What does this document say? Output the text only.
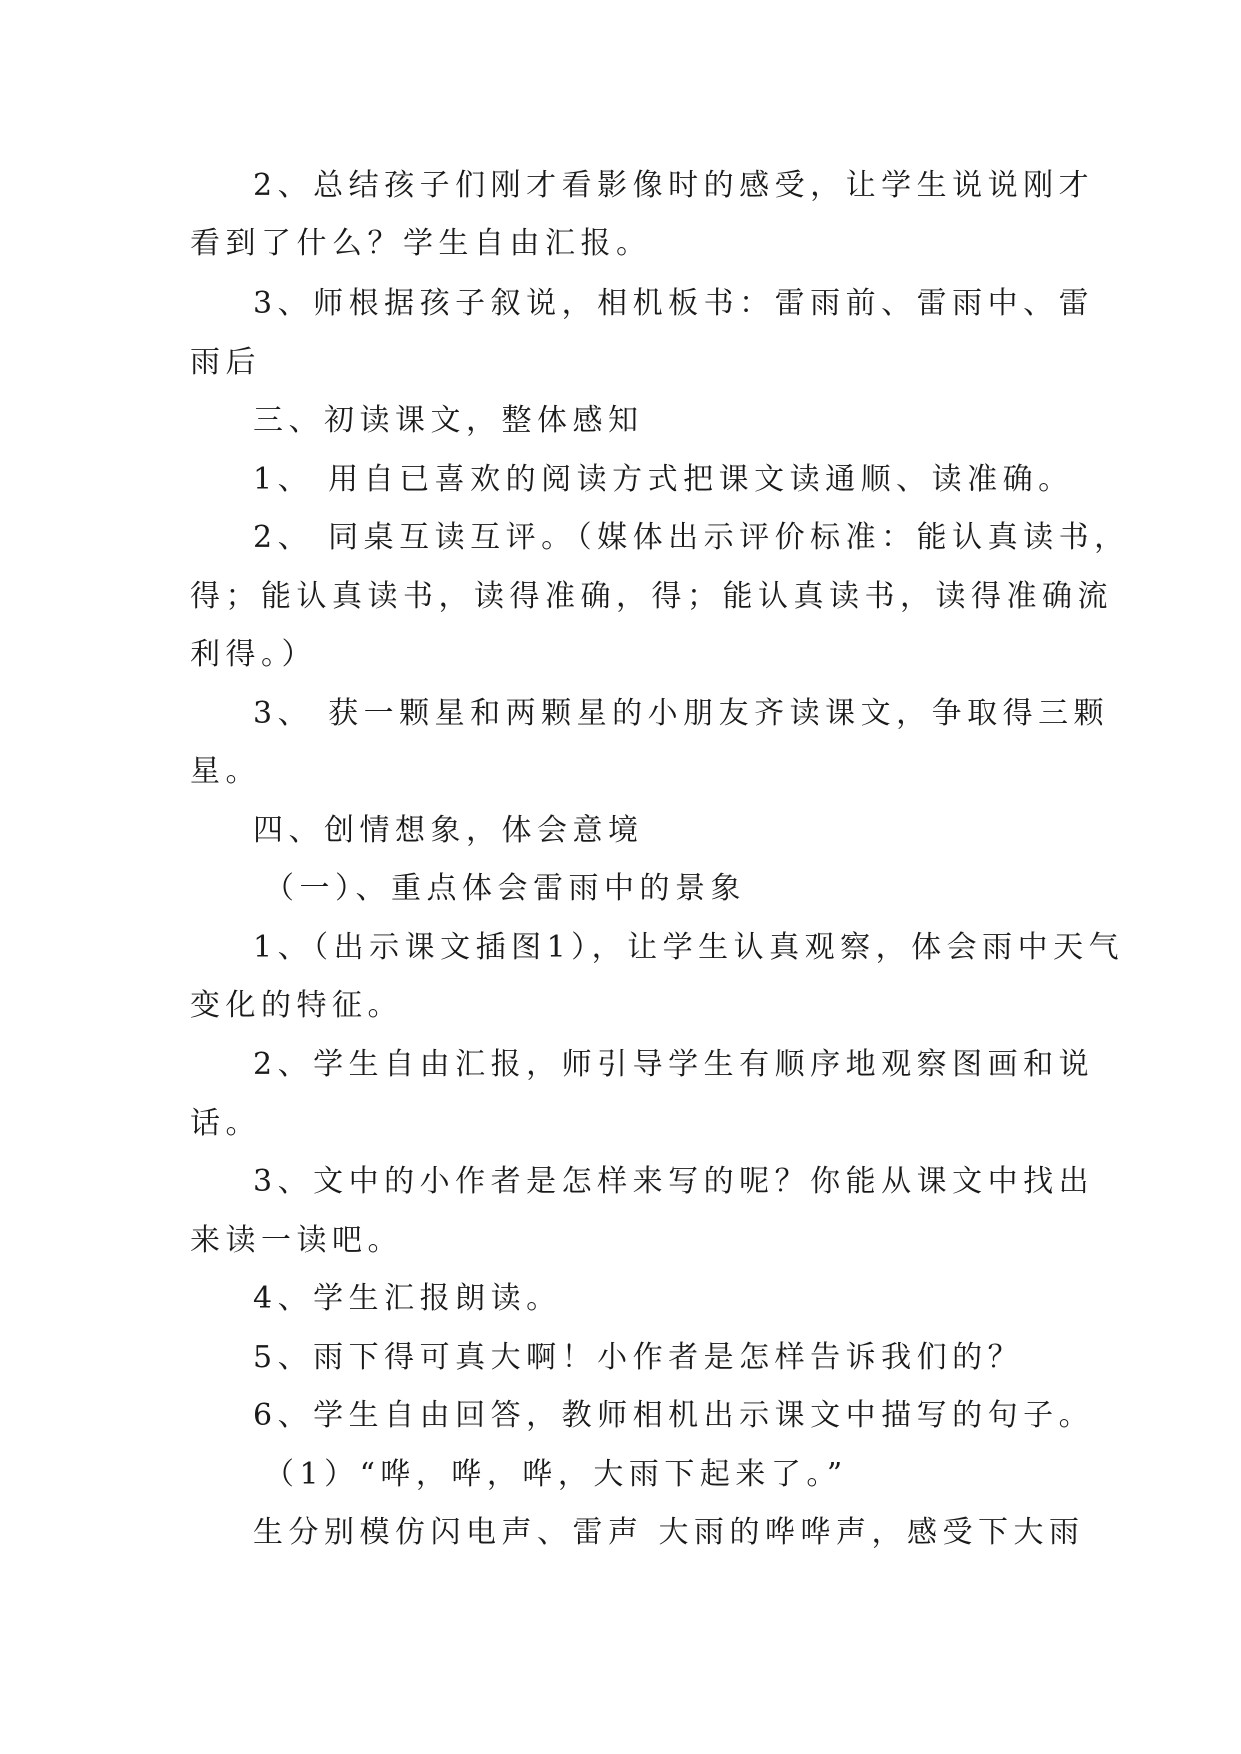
2、总结孩子们刚才看影像时的感受，让学生说说刚才
看到了什么？学生自由汇报。
3、师根据孩子叙说，相机板书：雷雨前、雷雨中、雷
雨后
三、初读课文，整体感知
1、 用自已喜欢的阅读方式把课文读通顺、读准确。
2、 同桌互读互评。（媒体出示评价标准：能认真读书，
得；能认真读书，读得准确，得；能认真读书，读得准确流
利得。）
3、 获一颗星和两颗星的小朋友齐读课文，争取得三颗
星。
四、创情想象，体会意境
（一）、重点体会雷雨中的景象
1、（出示课文插图1），让学生认真观察，体会雨中天气
变化的特征。
2、学生自由汇报，师引导学生有顺序地观察图画和说
话。
3、文中的小作者是怎样来写的呢？你能从课文中找出
来读一读吧。
4、学生汇报朗读。
5、雨下得可真大啊！小作者是怎样告诉我们的？
6、学生自由回答，教师相机出示课文中描写的句子。
（1）“哗，哗，哗，大雨下起来了。”
生分别模仿闪电声、雷声 大雨的哗哗声，感受下大雨
